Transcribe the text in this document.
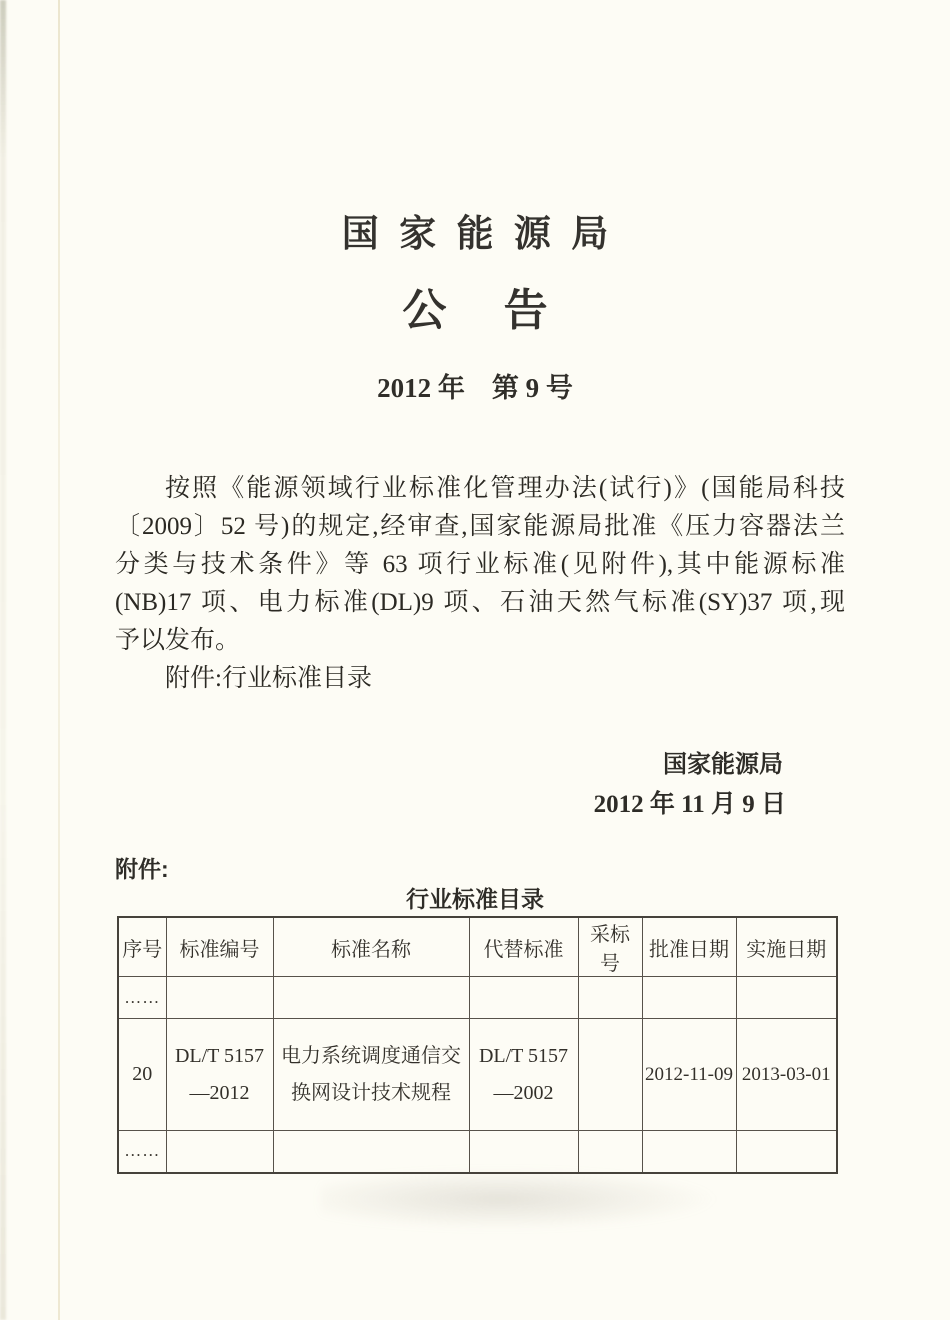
国家能源局
公告
2012 年　第 9 号
按照《能源领域行业标准化管理办法(试行)》(国能局科技
〔2009〕52 号)的规定,经审查,国家能源局批准《压力容器法兰
分类与技术条件》等 63 项行业标准(见附件),其中能源标准
(NB)17 项、电力标准(DL)9 项、石油天然气标准(SY)37 项,现
予以发布。
附件:行业标准目录
国家能源局
2012 年 11 月 9 日
附件:
行业标准目录
序号	标准编号	标准名称	代替标准	采标号	批准日期	实施日期
……						
20	DL/T 5157—2012	电力系统调度通信交换网设计技术规程	DL/T 5157—2002		2012-11-09	2013-03-01
……						
